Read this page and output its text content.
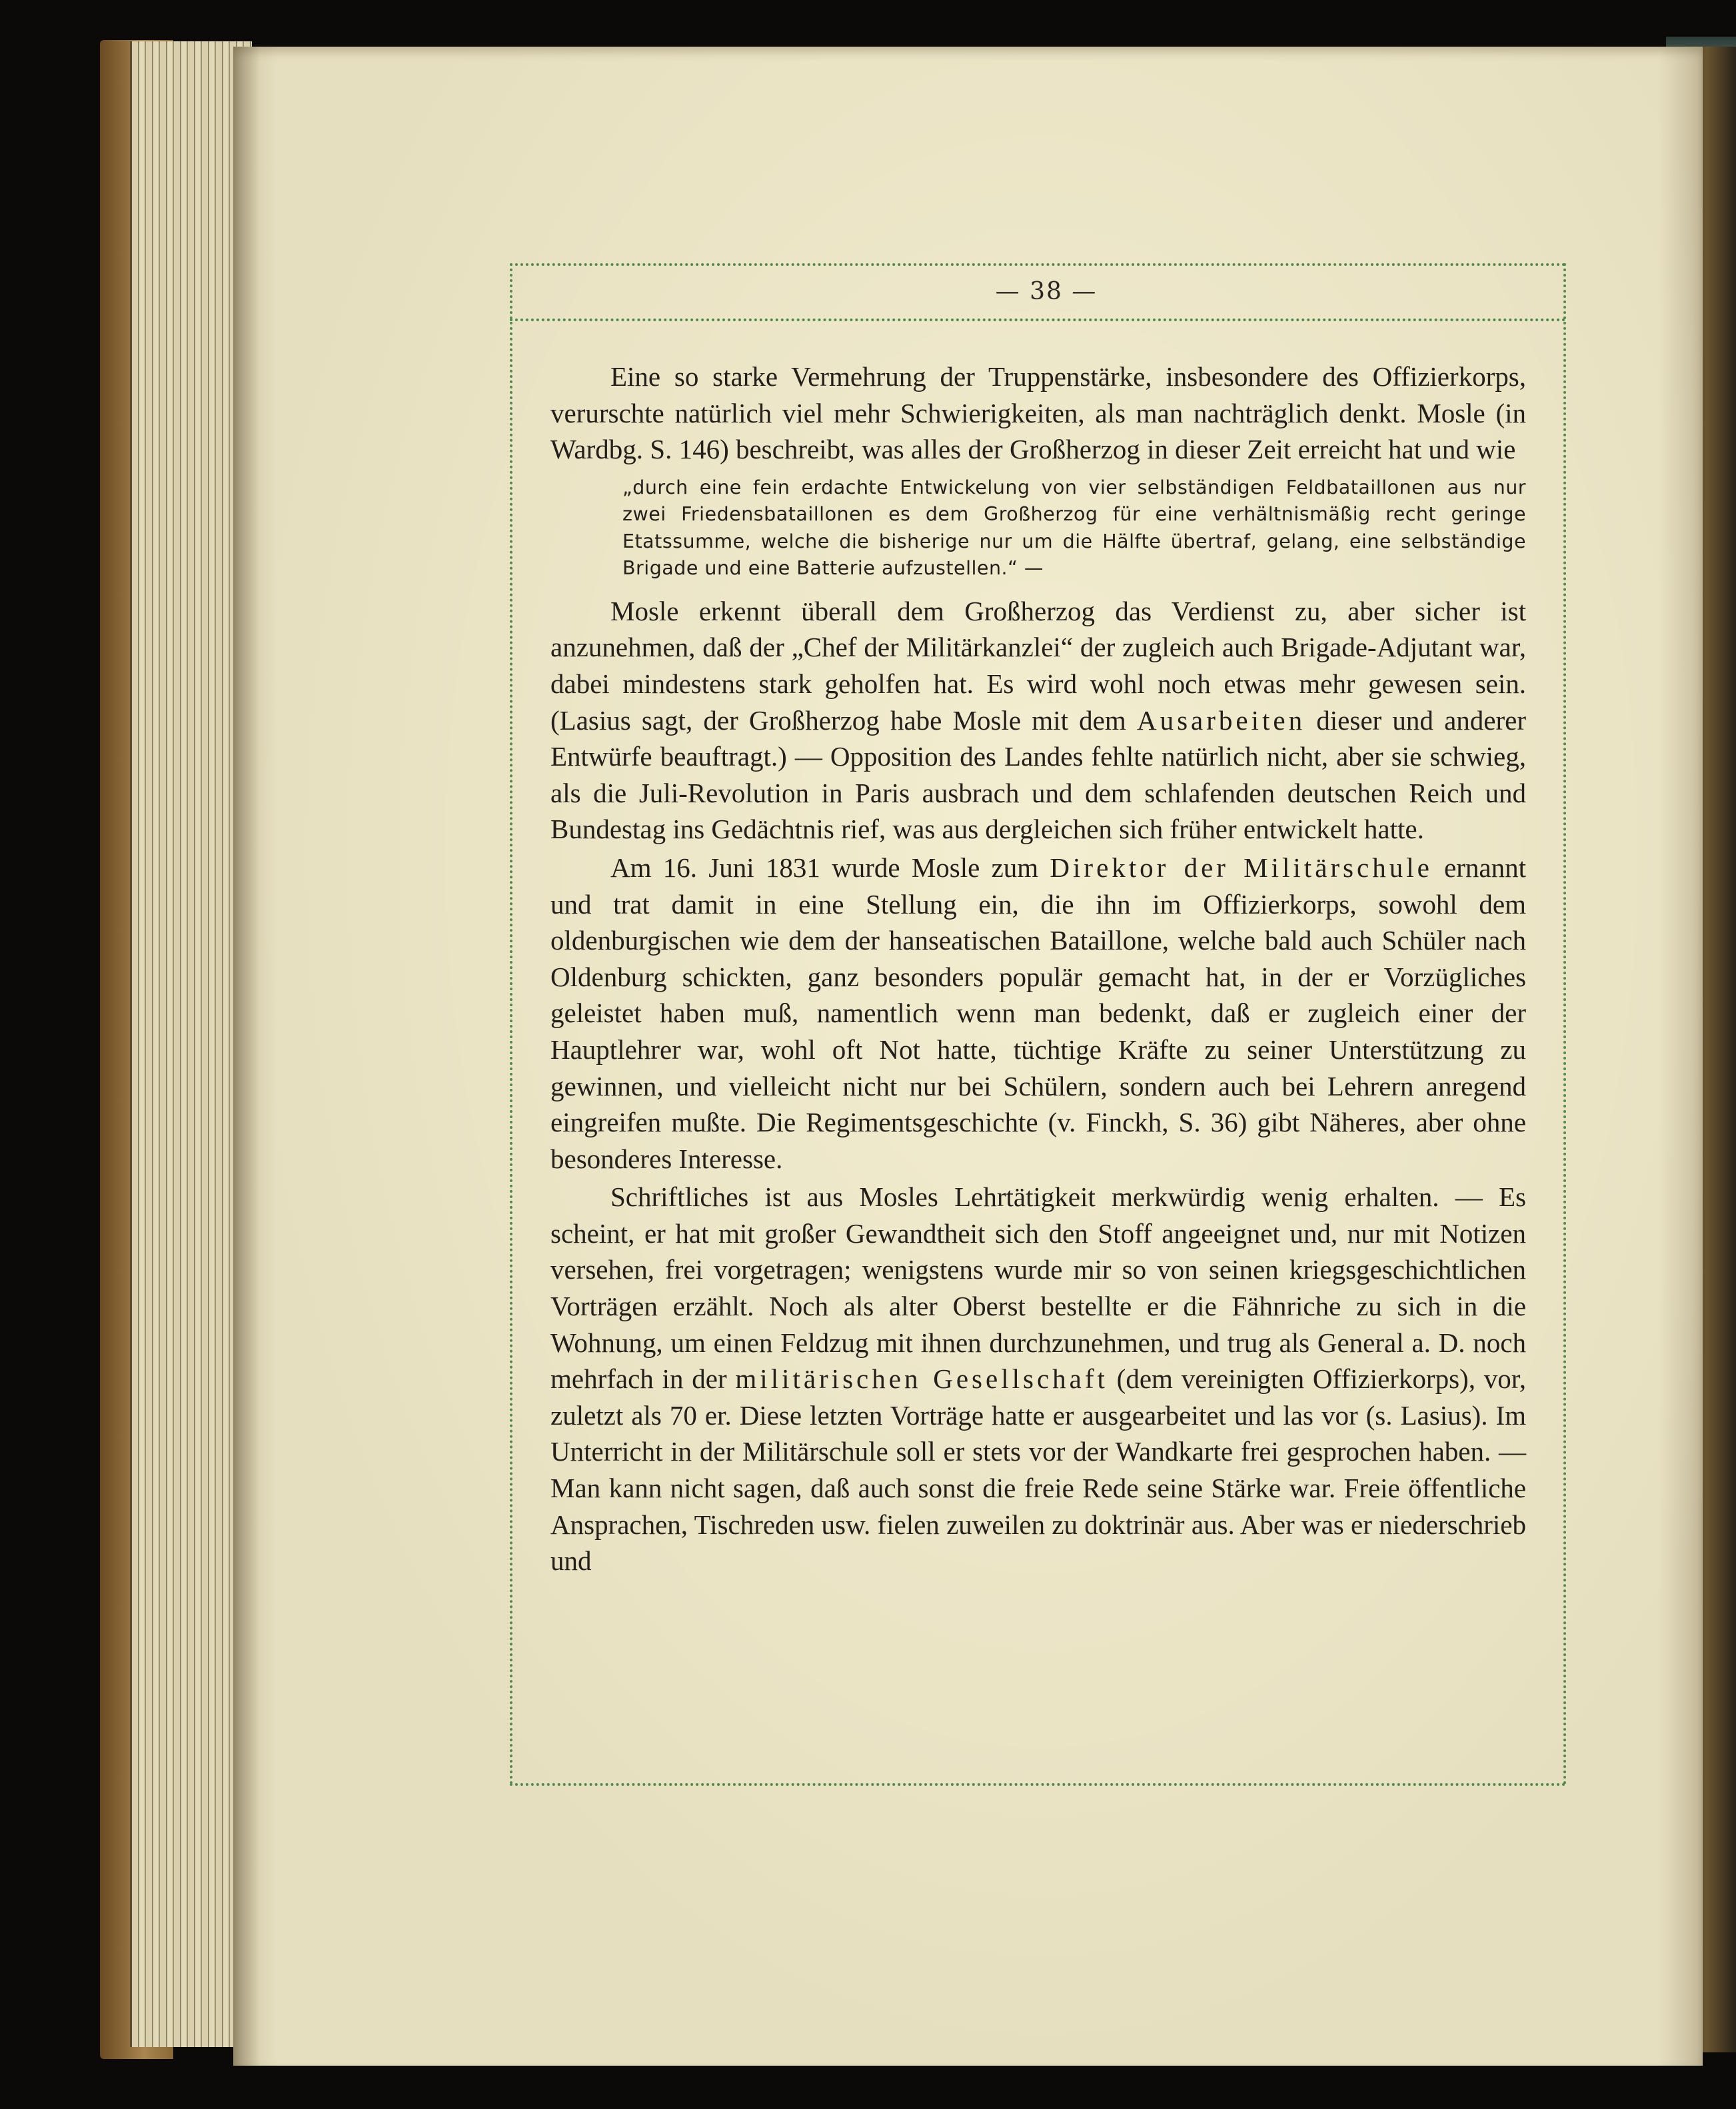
— 38 —

Eine so starke Vermehrung der Truppenstärke, insbesondere des Offizierkorps, verurschte natürlich viel mehr Schwierigkeiten, als man nachträglich denkt. Mosle (in Wardbg. S. 146) beschreibt, was alles der Großherzog in dieser Zeit erreicht hat und wie

„durch eine fein erdachte Entwickelung von vier selbständigen Feldbataillonen aus nur zwei Friedensbataillonen es dem Großherzog für eine verhältnismäßig recht geringe Etatssumme, welche die bisherige nur um die Hälfte übertraf, gelang, eine selbständige Brigade und eine Batterie aufzustellen.“ —

Mosle erkennt überall dem Großherzog das Verdienst zu, aber sicher ist anzunehmen, daß der „Chef der Militärkanzlei“ der zugleich auch Brigade-Adjutant war, dabei mindestens stark geholfen hat. Es wird wohl noch etwas mehr gewesen sein. (Lasius sagt, der Großherzog habe Mosle mit dem Ausarbeiten dieser und anderer Entwürfe beauftragt.) — Opposition des Landes fehlte natürlich nicht, aber sie schwieg, als die Juli-Revolution in Paris ausbrach und dem schlafenden deutschen Reich und Bundestag ins Gedächtnis rief, was aus dergleichen sich früher entwickelt hatte.

Am 16. Juni 1831 wurde Mosle zum Direktor der Militärschule ernannt und trat damit in eine Stellung ein, die ihn im Offizierkorps, sowohl dem oldenburgischen wie dem der hanseatischen Bataillone, welche bald auch Schüler nach Oldenburg schickten, ganz besonders populär gemacht hat, in der er Vorzügliches geleistet haben muß, namentlich wenn man bedenkt, daß er zugleich einer der Hauptlehrer war, wohl oft Not hatte, tüchtige Kräfte zu seiner Unterstützung zu gewinnen, und vielleicht nicht nur bei Schülern, sondern auch bei Lehrern anregend eingreifen mußte. Die Regimentsgeschichte (v. Finckh, S. 36) gibt Näheres, aber ohne besonderes Interesse.

Schriftliches ist aus Mosles Lehrtätigkeit merkwürdig wenig erhalten. — Es scheint, er hat mit großer Gewandtheit sich den Stoff angeeignet und, nur mit Notizen versehen, frei vorgetragen; wenigstens wurde mir so von seinen kriegsgeschichtlichen Vorträgen erzählt. Noch als alter Oberst bestellte er die Fähnriche zu sich in die Wohnung, um einen Feldzug mit ihnen durchzunehmen, und trug als General a. D. noch mehrfach in der militärischen Gesellschaft (dem vereinigten Offizierkorps), vor, zuletzt als 70 er. Diese letzten Vorträge hatte er ausgearbeitet und las vor (s. Lasius). Im Unterricht in der Militärschule soll er stets vor der Wandkarte frei gesprochen haben. — Man kann nicht sagen, daß auch sonst die freie Rede seine Stärke war. Freie öffentliche Ansprachen, Tischreden usw. fielen zuweilen zu doktrinär aus. Aber was er niederschrieb und
